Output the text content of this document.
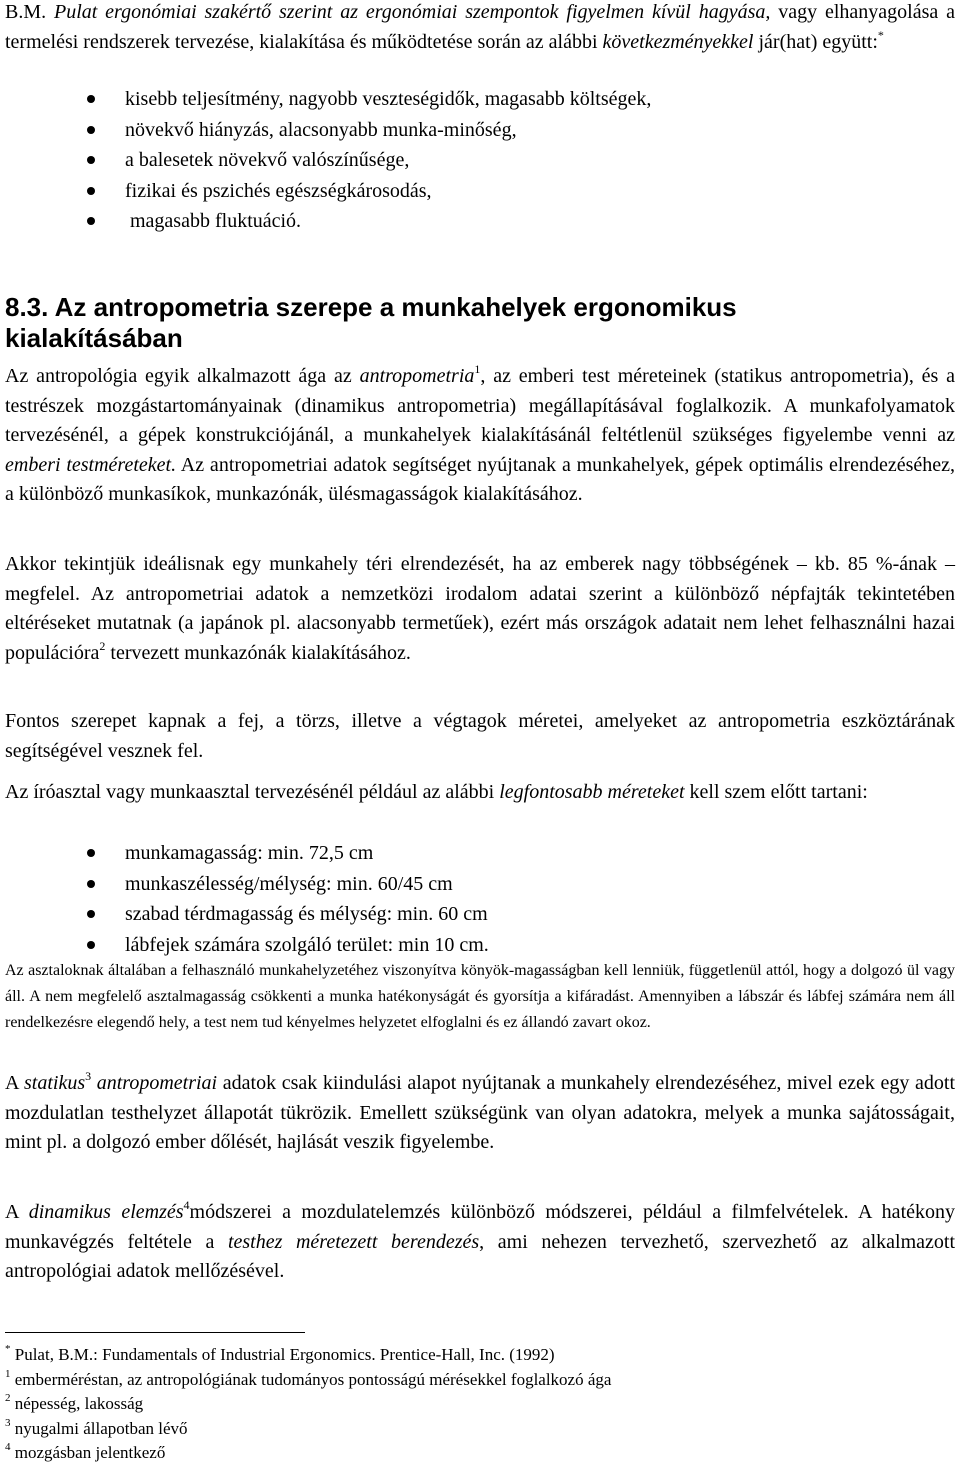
B.M. Pulat ergonómiai szakértő szerint az ergonómiai szempontok figyelmen kívül hagyása, vagy elhanyagolása a termelési rendszerek tervezése, kialakítása és működtetése során az alábbi következményekkel jár(hat) együtt:*

kisebb teljesítmény, nagyobb veszteségidők, magasabb költségek,
növekvő hiányzás, alacsonyabb munka-minőség,
a balesetek növekvő valószínűsége,
fizikai és pszichés egészségkárosodás,
magasabb fluktuáció.
8.3. Az antropometria szerepe a munkahelyek ergonomikus kialakításában

Az antropológia egyik alkalmazott ága az antropometria$^1$, az emberi test méreteinek (statikus antropometria), és a testrészek mozgástartományainak (dinamikus antropometria) megállapításával foglalkozik. A munkafolyamatok tervezésénél, a gépek konstrukciójánál, a munkahelyek kialakításánál feltétlenül szükséges figyelembe venni az emberi testméreteket. Az antropometriai adatok segítséget nyújtanak a munkahelyek, gépek optimális elrendezéséhez, a különböző munkasíkok, munkazónák, ülésmagasságok kialakításához.

Akkor tekintjük ideálisnak egy munkahely téri elrendezését, ha az emberek nagy többségének – kb. 85 %-ának – megfelel. Az antropometriai adatok a nemzetközi irodalom adatai szerint a különböző népfajták tekintetében eltéréseket mutatnak (a japánok pl. alacsonyabb termetűek), ezért más országok adatait nem lehet felhasználni hazai populációra$^2$ tervezett munkazónák kialakításához.

Fontos szerepet kapnak a fej, a törzs, illetve a végtagok méretei, amelyeket az antropometria eszköztárának segítségével vesznek fel.

Az íróasztal vagy munkaasztal tervezésénél például az alábbi legfontosabb méreteket kell szem előtt tartani:

munkamagasság: min. 72,5 cm
munkaszélesség/mélység: min. 60/45 cm
szabad térdmagasság és mélység: min. 60 cm
lábfejek számára szolgáló terület: min 10 cm.

Az asztaloknak általában a felhasználó munkahelyzetéhez viszonyítva könyök-magasságban kell lenniük, függetlenül attól, hogy a dolgozó ül vagy áll. A nem megfelelő asztalmagasság csökkenti a munka hatékonyságát és gyorsítja a kifáradást. Amennyiben a lábszár és lábfej számára nem áll rendelkezésre elegendő hely, a test nem tud kényelmes helyzetet elfoglalni és ez állandó zavart okoz.

A statikus$^3$ antropometriai adatok csak kiindulási alapot nyújtanak a munkahely elrendezéséhez, mivel ezek egy adott mozdulatlan testhelyzet állapotát tükrözik. Emellett szükségünk van olyan adatokra, melyek a munka sajátosságait, mint pl. a dolgozó ember dőlését, hajlását veszik figyelembe.

A dinamikus elemzés$^4$módszerei a mozdulatelemzés különböző módszerei, például a filmfelvételek. A hatékony munkavégzés feltétele a testhez méretezett berendezés, ami nehezen tervezhető, szervezhető az alkalmazott antropológiai adatok mellőzésével.

* Pulat, B.M.: Fundamentals of Industrial Ergonomics. Prentice-Hall, Inc. (1992)
$^1$ emberméréstan, az antropológiának tudományos pontosságú mérésekkel foglalkozó ága
$^2$ népesség, lakosság
$^3$ nyugalmi állapotban lévő
$^4$ mozgásban jelentkező
